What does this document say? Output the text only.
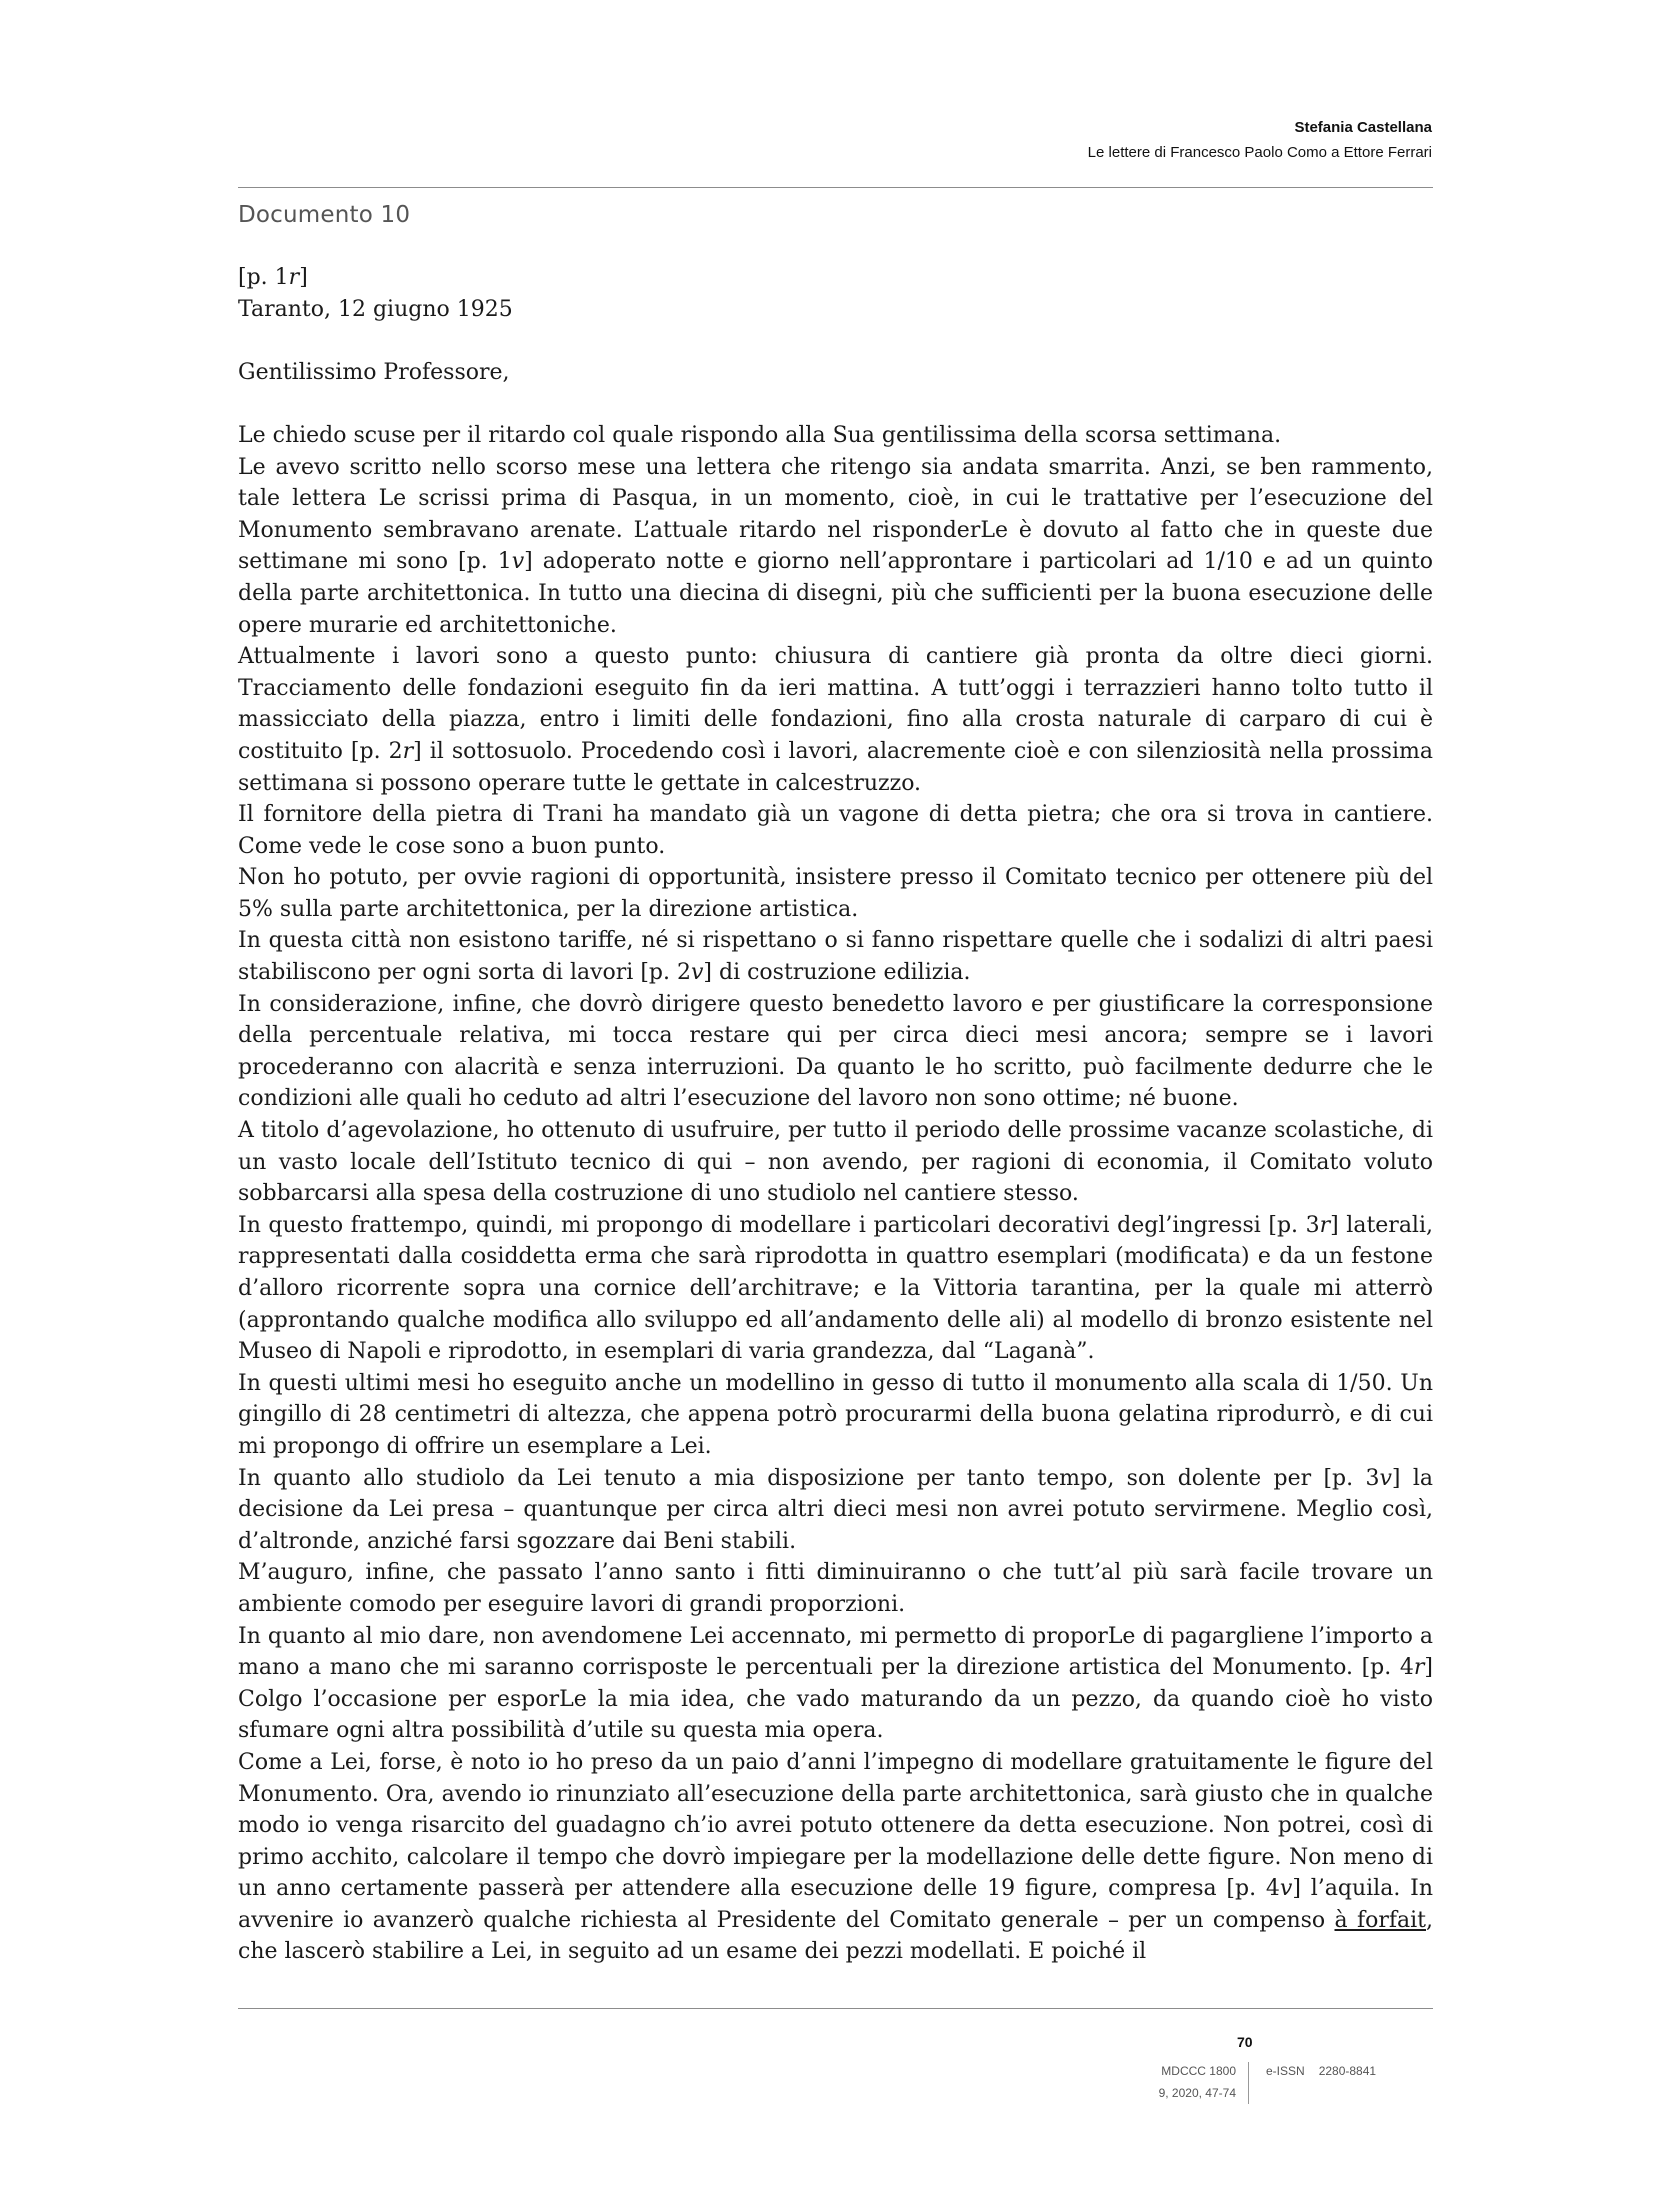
Stefania Castellana
Le lettere di Francesco Paolo Como a Ettore Ferrari
Documento 10

[p. 1r]

Taranto, 12 giugno 1925

Gentilissimo Professore,

Le chiedo scuse per il ritardo col quale rispondo alla Sua gentilissima della scorsa settimana.

Le avevo scritto nello scorso mese una lettera che ritengo sia andata smarrita. Anzi, se ben rammento, tale lettera Le scrissi prima di Pasqua, in un momento, cioè, in cui le trattative per l’esecuzione del Monumento sembravano arenate. L’attuale ritardo nel risponderLe è dovuto al fatto che in queste due settimane mi sono [p. 1v] adoperato notte e giorno nell’approntare i particolari ad 1/10 e ad un quinto della parte architettonica. In tutto una diecina di disegni, più che sufficienti per la buona esecuzione delle opere murarie ed architettoniche.

Attualmente i lavori sono a questo punto: chiusura di cantiere già pronta da oltre dieci giorni. Tracciamento delle fondazioni eseguito fin da ieri mattina. A tutt’oggi i terrazzieri hanno tolto tutto il massicciato della piazza, entro i limiti delle fondazioni, fino alla crosta naturale di carparo di cui è costituito [p. 2r] il sottosuolo. Procedendo così i lavori, alacremente cioè e con silenziosità nella prossima settimana si possono operare tutte le gettate in calcestruzzo.

Il fornitore della pietra di Trani ha mandato già un vagone di detta pietra; che ora si trova in cantiere. Come vede le cose sono a buon punto.

Non ho potuto, per ovvie ragioni di opportunità, insistere presso il Comitato tecnico per ottenere più del 5% sulla parte architettonica, per la direzione artistica.

In questa città non esistono tariffe, né si rispettano o si fanno rispettare quelle che i sodalizi di altri paesi stabiliscono per ogni sorta di lavori [p. 2v] di costruzione edilizia.

In considerazione, infine, che dovrò dirigere questo benedetto lavoro e per giustificare la corresponsione della percentuale relativa, mi tocca restare qui per circa dieci mesi ancora; sempre se i lavori procederanno con alacrità e senza interruzioni. Da quanto le ho scritto, può facilmente dedurre che le condizioni alle quali ho ceduto ad altri l’esecuzione del lavoro non sono ottime; né buone.

A titolo d’agevolazione, ho ottenuto di usufruire, per tutto il periodo delle prossime vacanze scolastiche, di un vasto locale dell’Istituto tecnico di qui – non avendo, per ragioni di economia, il Comitato voluto sobbarcarsi alla spesa della costruzione di uno studiolo nel cantiere stesso.

In questo frattempo, quindi, mi propongo di modellare i particolari decorativi degl’ingressi [p. 3r] laterali, rappresentati dalla cosiddetta erma che sarà riprodotta in quattro esemplari (modificata) e da un festone d’alloro ricorrente sopra una cornice dell’architrave; e la Vittoria tarantina, per la quale mi atterrò (approntando qualche modifica allo sviluppo ed all’andamento delle ali) al modello di bronzo esistente nel Museo di Napoli e riprodotto, in esemplari di varia grandezza, dal “Laganà”.

In questi ultimi mesi ho eseguito anche un modellino in gesso di tutto il monumento alla scala di 1/50. Un gingillo di 28 centimetri di altezza, che appena potrò procurarmi della buona gelatina riprodurrò, e di cui mi propongo di offrire un esemplare a Lei.

In quanto allo studiolo da Lei tenuto a mia disposizione per tanto tempo, son dolente per [p. 3v] la decisione da Lei presa – quantunque per circa altri dieci mesi non avrei potuto servirmene. Meglio così, d’altronde, anziché farsi sgozzare dai Beni stabili.

M’auguro, infine, che passato l’anno santo i fitti diminuiranno o che tutt’al più sarà facile trovare un ambiente comodo per eseguire lavori di grandi proporzioni.

In quanto al mio dare, non avendomene Lei accennato, mi permetto di proporLe di pagargliene l’importo a mano a mano che mi saranno corrisposte le percentuali per la direzione artistica del Monumento. [p. 4r] Colgo l’occasione per esporLe la mia idea, che vado maturando da un pezzo, da quando cioè ho visto sfumare ogni altra possibilità d’utile su questa mia opera.

Come a Lei, forse, è noto io ho preso da un paio d’anni l’impegno di modellare gratuitamente le figure del Monumento. Ora, avendo io rinunziato all’esecuzione della parte architettonica, sarà giusto che in qualche modo io venga risarcito del guadagno ch’io avrei potuto ottenere da detta esecuzione. Non potrei, così di primo acchito, calcolare il tempo che dovrò impiegare per la modellazione delle dette figure. Non meno di un anno certamente passerà per attendere alla esecuzione delle 19 figure, compresa [p. 4v] l’aquila. In avvenire io avanzerò qualche richiesta al Presidente del Comitato generale – per un compenso à forfait, che lascerò stabilire a Lei, in seguito ad un esame dei pezzi modellati. E poiché il

70
MDCCC 1800
9, 2020, 47-74
e-ISSN 2280-8841
